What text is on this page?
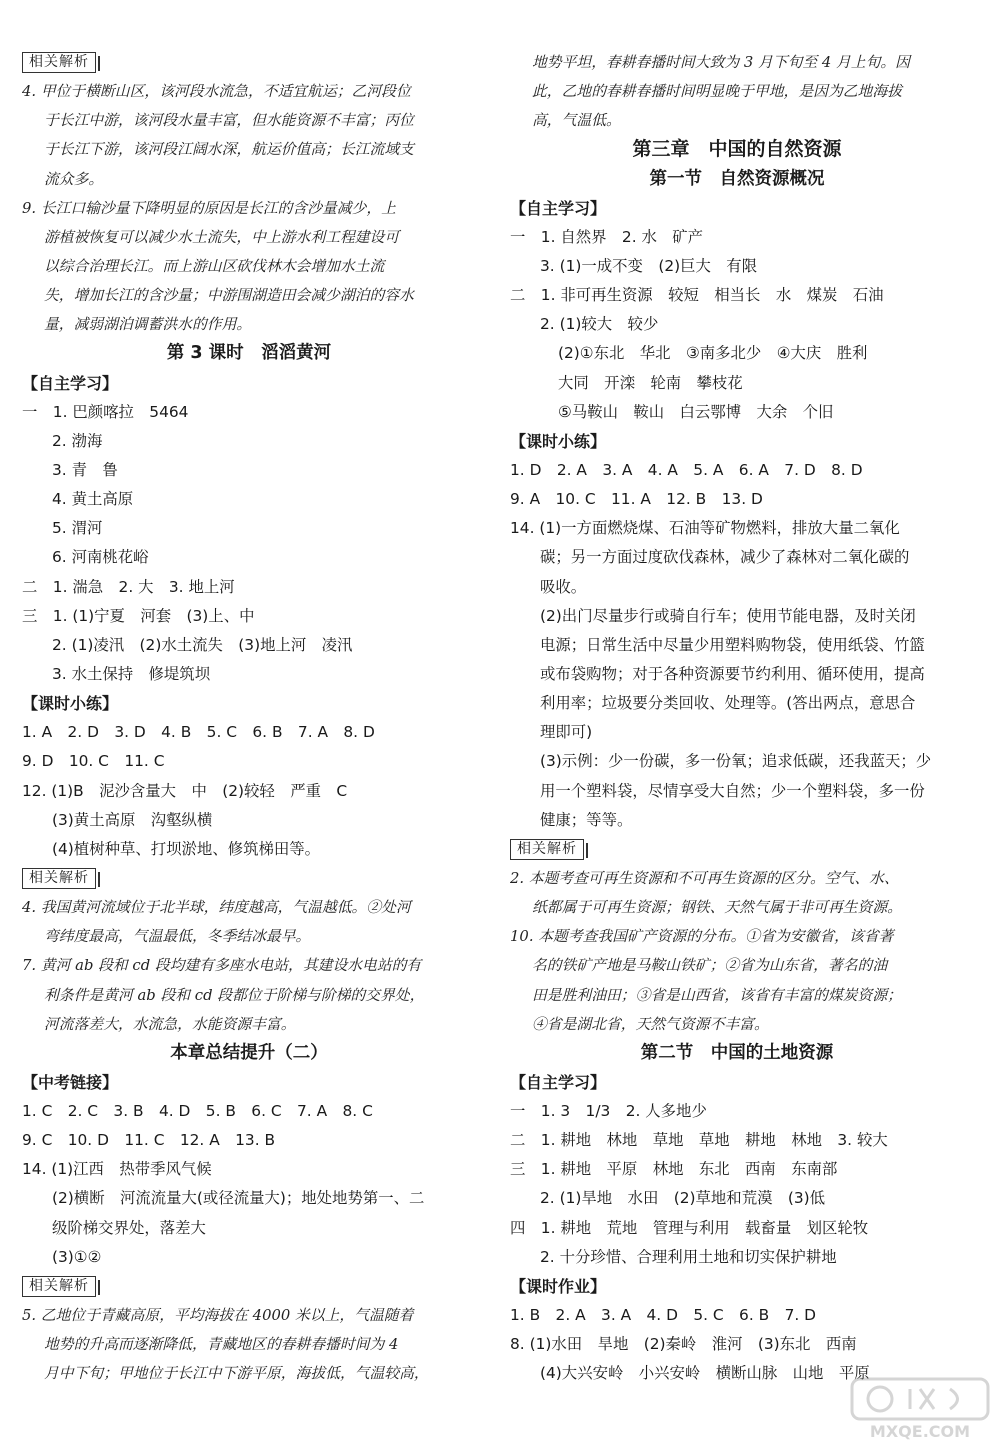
相关解析
4. 甲位于横断山区，该河段水流急，不适宜航运；乙河段位
于长江中游，该河段水量丰富，但水能资源不丰富；丙位
于长江下游，该河段江阔水深，航运价值高；长江流域支
流众多。
9. 长江口输沙量下降明显的原因是长江的含沙量减少，上
游植被恢复可以减少水土流失，中上游水利工程建设可
以综合治理长江。而上游山区砍伐林木会增加水土流
失，增加长江的含沙量；中游围湖造田会减少湖泊的容水
量，减弱湖泊调蓄洪水的作用。
第 3 课时　滔滔黄河
【自主学习】
一　1. 巴颜喀拉　5464
2. 渤海
3. 青　鲁
4. 黄土高原
5. 渭河
6. 河南桃花峪
二　1. 湍急　2. 大　3. 地上河
三　1. (1)宁夏　河套　(3)上、中
2. (1)凌汛　(2)水土流失　(3)地上河　凌汛
3. 水土保持　修堤筑坝
【课时小练】
1. A　2. D　3. D　4. B　5. C　6. B　7. A　8. D
9. D　10. C　11. C
12. (1)B　泥沙含量大　中　(2)较轻　严重　C
(3)黄土高原　沟壑纵横
(4)植树种草、打坝淤地、修筑梯田等。
相关解析
4. 我国黄河流域位于北半球，纬度越高，气温越低。②处河
弯纬度最高，气温最低，冬季结冰最早。
7. 黄河 ab 段和 cd 段均建有多座水电站，其建设水电站的有
利条件是黄河 ab 段和 cd 段都位于阶梯与阶梯的交界处，
河流落差大，水流急，水能资源丰富。
本章总结提升（二）
【中考链接】
1. C　2. C　3. B　4. D　5. B　6. C　7. A　8. C
9. C　10. D　11. C　12. A　13. B
14. (1)江西　热带季风气候
(2)横断　河流流量大(或径流量大)；地处地势第一、二
级阶梯交界处，落差大
(3)①②
相关解析
5. 乙地位于青藏高原，平均海拔在 4000 米以上，气温随着
地势的升高而逐渐降低，青藏地区的春耕春播时间为 4
月中下旬；甲地位于长江中下游平原，海拔低，气温较高，
地势平坦，春耕春播时间大致为 3 月下旬至 4 月上旬。因
此，乙地的春耕春播时间明显晚于甲地，是因为乙地海拔
高，气温低。
第三章　中国的自然资源
第一节　自然资源概况
【自主学习】
一　1. 自然界　2. 水　矿产
3. (1)一成不变　(2)巨大　有限
二　1. 非可再生资源　较短　相当长　水　煤炭　石油
2. (1)较大　较少
(2)①东北　华北　③南多北少　④大庆　胜利
大同　开滦　轮南　攀枝花
⑤马鞍山　鞍山　白云鄂博　大余　个旧
【课时小练】
1. D　2. A　3. A　4. A　5. A　6. A　7. D　8. D
9. A　10. C　11. A　12. B　13. D
14. (1)一方面燃烧煤、石油等矿物燃料，排放大量二氧化
碳；另一方面过度砍伐森林，减少了森林对二氧化碳的
吸收。
(2)出门尽量步行或骑自行车；使用节能电器，及时关闭
电源；日常生活中尽量少用塑料购物袋，使用纸袋、竹篮
或布袋购物；对于各种资源要节约利用、循环使用，提高
利用率；垃圾要分类回收、处理等。(答出两点，意思合
理即可)
(3)示例：少一份碳，多一份氧；追求低碳，还我蓝天；少
用一个塑料袋，尽情享受大自然；少一个塑料袋，多一份
健康；等等。
相关解析
2. 本题考查可再生资源和不可再生资源的区分。空气、水、
纸都属于可再生资源；钢铁、天然气属于非可再生资源。
10. 本题考查我国矿产资源的分布。①省为安徽省，该省著
名的铁矿产地是马鞍山铁矿；②省为山东省，著名的油
田是胜利油田；③省是山西省，该省有丰富的煤炭资源；
④省是湖北省，天然气资源不丰富。
第二节　中国的土地资源
【自主学习】
一　1. 3　1/3　2. 人多地少
二　1. 耕地　林地　草地　草地　耕地　林地　3. 较大
三　1. 耕地　平原　林地　东北　西南　东南部
2. (1)旱地　水田　(2)草地和荒漠　(3)低
四　1. 耕地　荒地　管理与利用　载畜量　划区轮牧
2. 十分珍惜、合理利用土地和切实保护耕地
【课时作业】
1. B　2. A　3. A　4. D　5. C　6. B　7. D
8. (1)水田　旱地　(2)秦岭　淮河　(3)东北　西南
(4)大兴安岭　小兴安岭　横断山脉　山地　平原
MXQE.COM
